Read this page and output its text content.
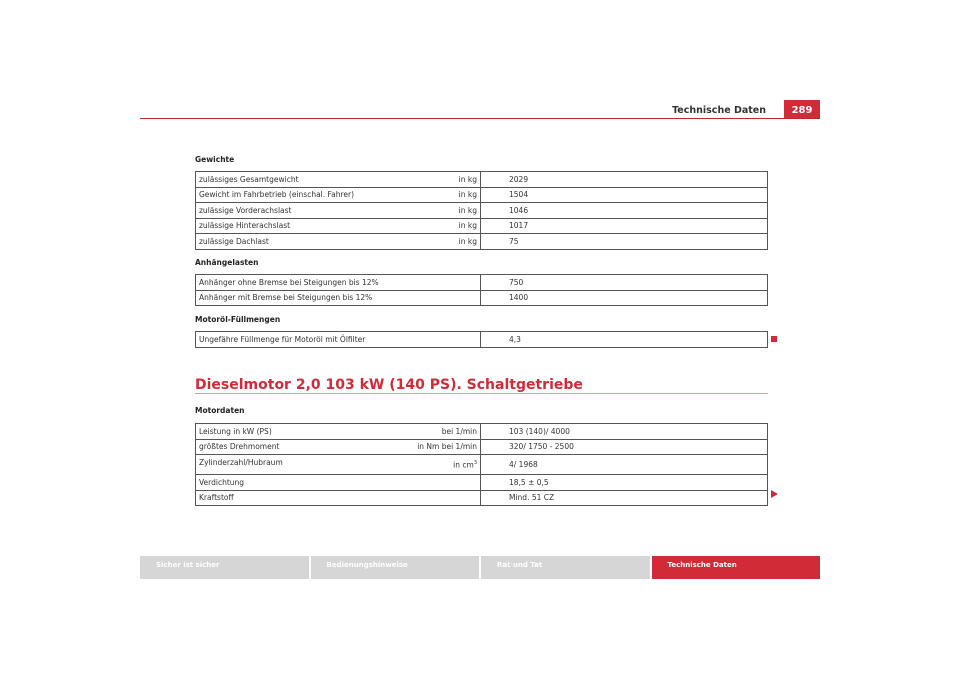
Technische Daten	289
Gewichte
zulässiges Gesamtgewicht	in kg	2029
Gewicht im Fahrbetrieb (einschal. Fahrer)	in kg	1504
zulässige Vorderachslast	in kg	1046
zulässige Hinterachslast	in kg	1017
zulässige Dachlast	in kg	75
Anhängelasten
Anhänger ohne Bremse bei Steigungen bis 12%	750
Anhänger mit Bremse bei Steigungen bis 12%	1400
Motoröl-Füllmengen
Ungefähre Füllmenge für Motoröl mit Ölfilter	4,3
Dieselmotor 2,0 103 kW (140 PS). Schaltgetriebe
Motordaten
Leistung in kW (PS)	bei 1/min	103 (140)/ 4000
größtes Drehmoment	in Nm bei 1/min	320/ 1750 - 2500
Zylinderzahl/Hubraum	in $cm^3$	4/ 1968
Verdichtung		18,5 ± 0,5
Kraftstoff		Mind. 51 CZ
Sicher ist sicher	Bedienungshinweise	Rat und Tat	Technische Daten
